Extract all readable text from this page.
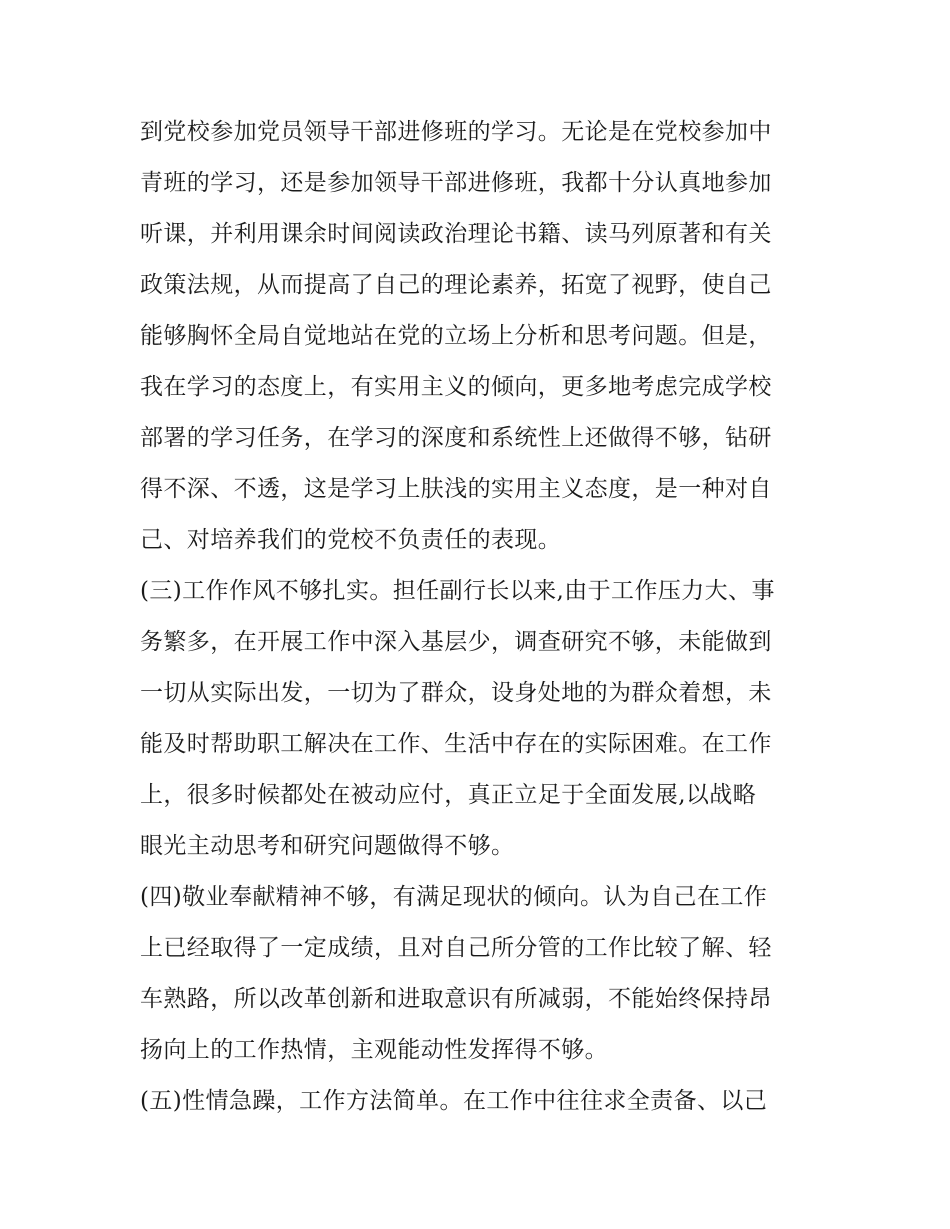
到党校参加党员领导干部进修班的学习。无论是在党校参加中
青班的学习，还是参加领导干部进修班，我都十分认真地参加
听课，并利用课余时间阅读政治理论书籍、读马列原著和有关
政策法规，从而提高了自己的理论素养，拓宽了视野，使自己
能够胸怀全局自觉地站在党的立场上分析和思考问题。但是，
我在学习的态度上，有实用主义的倾向，更多地考虑完成学校
部署的学习任务，在学习的深度和系统性上还做得不够，钻研
得不深、不透，这是学习上肤浅的实用主义态度，是一种对自
己、对培养我们的党校不负责任的表现。
(三)工作作风不够扎实。担任副行长以来,由于工作压力大、事
务繁多，在开展工作中深入基层少，调查研究不够，未能做到
一切从实际出发，一切为了群众，设身处地的为群众着想，未
能及时帮助职工解决在工作、生活中存在的实际困难。在工作
上，很多时候都处在被动应付，真正立足于全面发展,以战略
眼光主动思考和研究问题做得不够。
(四)敬业奉献精神不够，有满足现状的倾向。认为自己在工作
上已经取得了一定成绩，且对自己所分管的工作比较了解、轻
车熟路，所以改革创新和进取意识有所减弱，不能始终保持昂
扬向上的工作热情，主观能动性发挥得不够。
(五)性情急躁，工作方法简单。在工作中往往求全责备、以己
